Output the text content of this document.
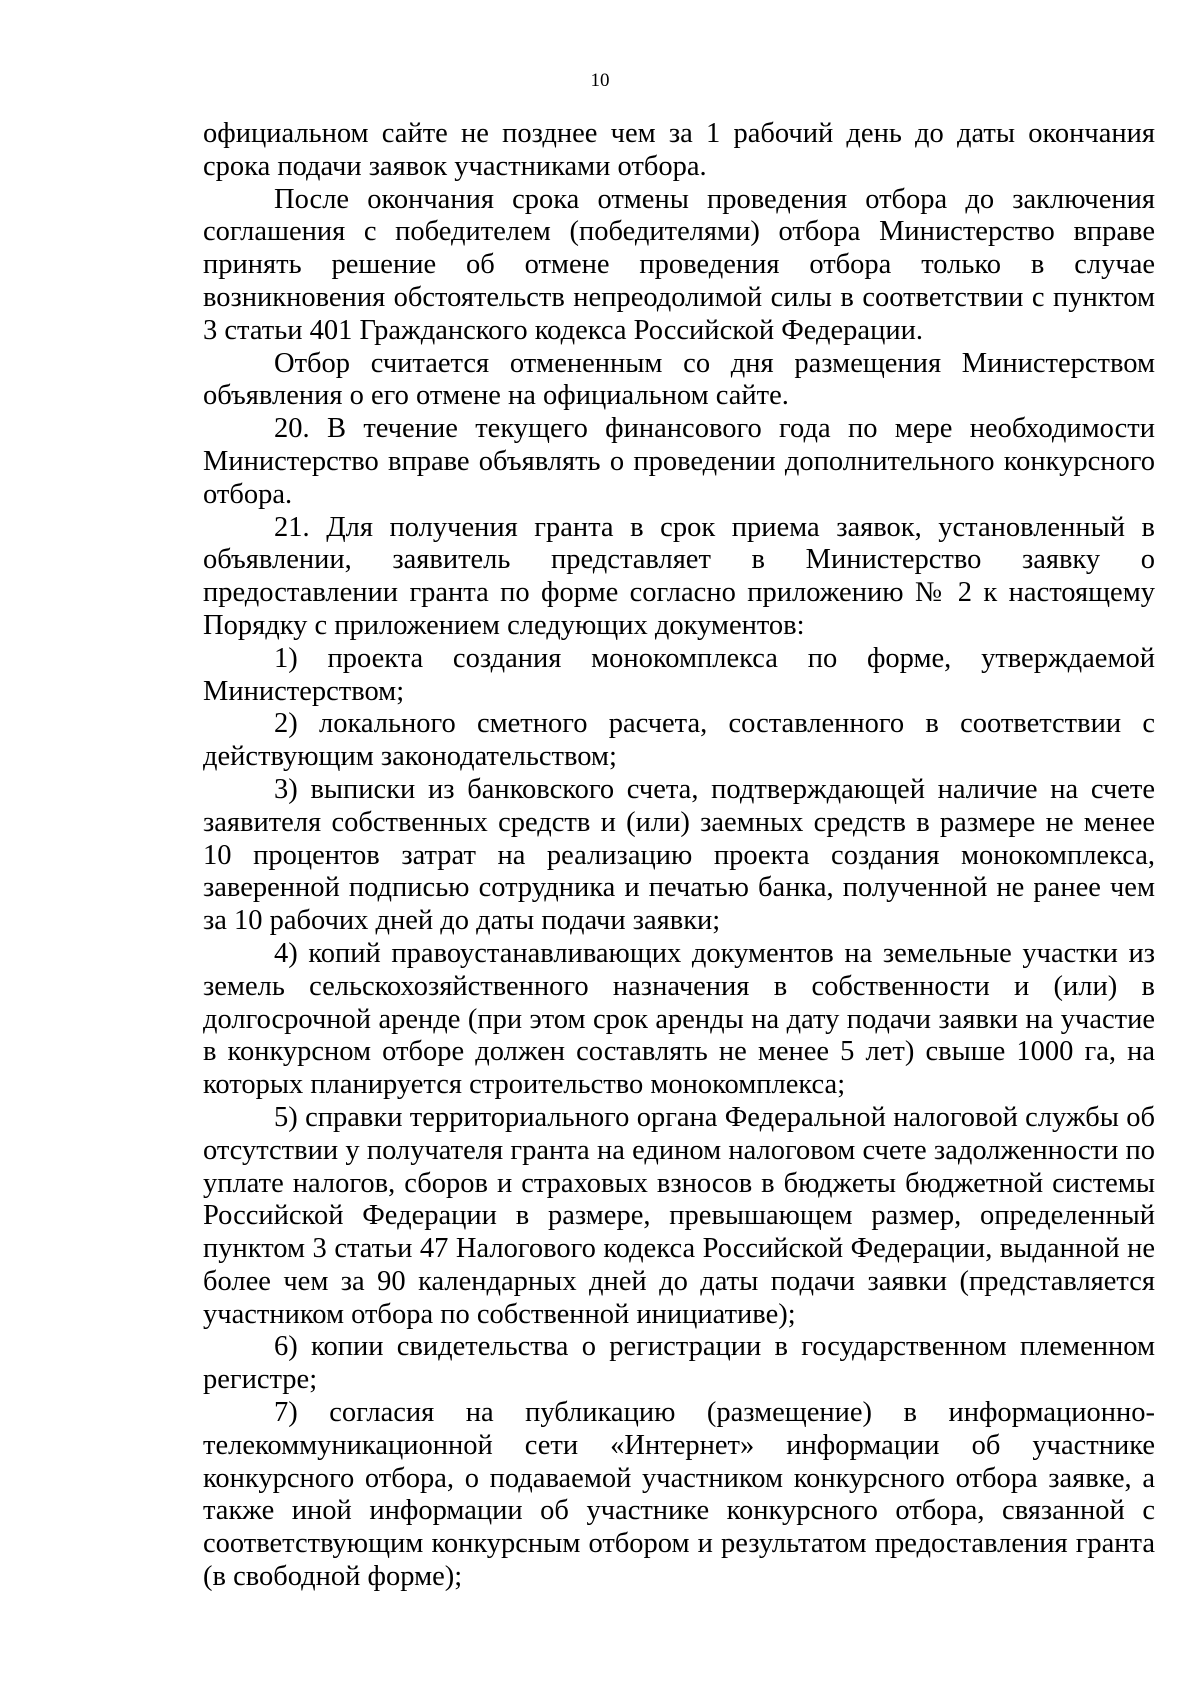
10

официальном сайте не позднее чем за 1 рабочий день до даты окончания срока подачи заявок участниками отбора.

После окончания срока отмены проведения отбора до заключения соглашения с победителем (победителями) отбора Министерство вправе принять решение об отмене проведения отбора только в случае возникновения обстоятельств непреодолимой силы в соответствии с пунктом 3 статьи 401 Гражданского кодекса Российской Федерации.

Отбор считается отмененным со дня размещения Министерством объявления о его отмене на официальном сайте.

20. В течение текущего финансового года по мере необходимости Министерство вправе объявлять о проведении дополнительного конкурсного отбора.

21. Для получения гранта в срок приема заявок, установленный в объявлении, заявитель представляет в Министерство заявку о предоставлении гранта по форме согласно приложению № 2 к настоящему Порядку с приложением следующих документов:

1) проекта создания монокомплекса по форме, утверждаемой Министерством;

2) локального сметного расчета, составленного в соответствии с действующим законодательством;

3) выписки из банковского счета, подтверждающей наличие на счете заявителя собственных средств и (или) заемных средств в размере не менее 10 процентов затрат на реализацию проекта создания монокомплекса, заверенной подписью сотрудника и печатью банка, полученной не ранее чем за 10 рабочих дней до даты подачи заявки;

4) копий правоустанавливающих документов на земельные участки из земель сельскохозяйственного назначения в собственности и (или) в долгосрочной аренде (при этом срок аренды на дату подачи заявки на участие в конкурсном отборе должен составлять не менее 5 лет) свыше 1000 га, на которых планируется строительство монокомплекса;

5) справки территориального органа Федеральной налоговой службы об отсутствии у получателя гранта на едином налоговом счете задолженности по уплате налогов, сборов и страховых взносов в бюджеты бюджетной системы Российской Федерации в размере, превышающем размер, определенный пунктом 3 статьи 47 Налогового кодекса Российской Федерации, выданной не более чем за 90 календарных дней до даты подачи заявки (представляется участником отбора по собственной инициативе);

6) копии свидетельства о регистрации в государственном племенном регистре;

7) согласия на публикацию (размещение) в информационно-телекоммуникационной сети «Интернет» информации об участнике конкурсного отбора, о подаваемой участником конкурсного отбора заявке, а также иной информации об участнике конкурсного отбора, связанной с соответствующим конкурсным отбором и результатом предоставления гранта (в свободной форме);
